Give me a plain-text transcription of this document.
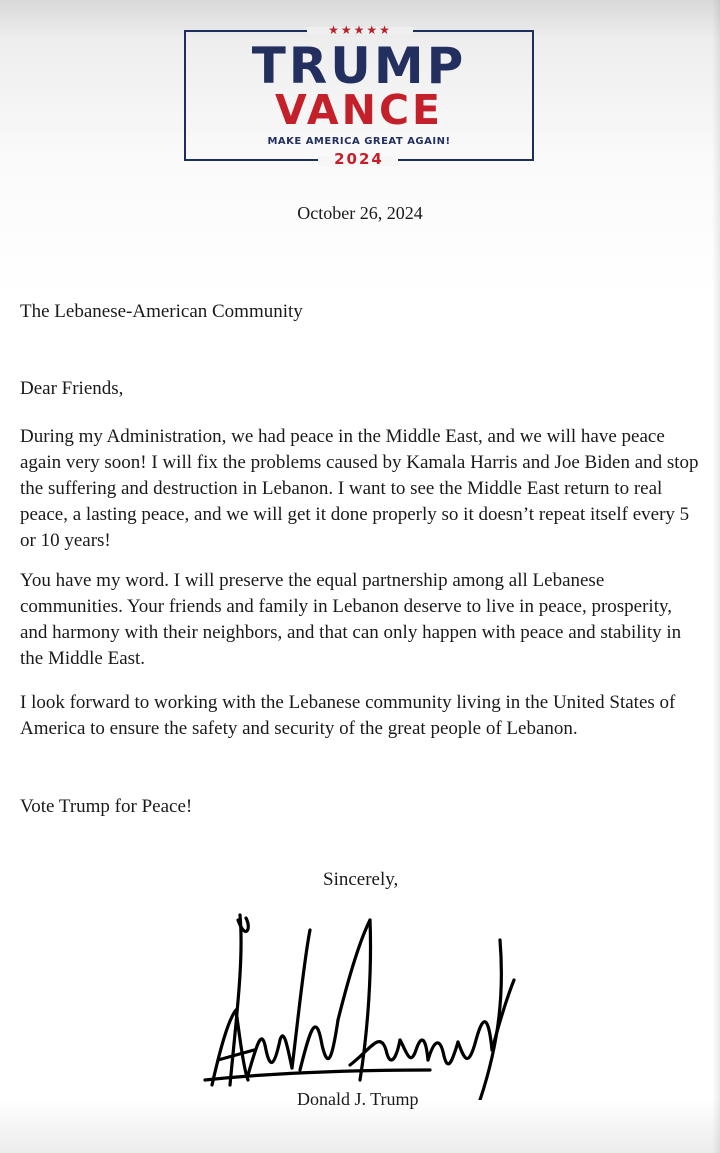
★★★★★
TRUMP
VANCE
MAKE AMERICA GREAT AGAIN!
2024
October 26, 2024

The Lebanese-American Community

Dear Friends,

During my Administration, we had peace in the Middle East, and we will have peace again very soon! I will fix the problems caused by Kamala Harris and Joe Biden and stop the suffering and destruction in Lebanon. I want to see the Middle East return to real peace, a lasting peace, and we will get it done properly so it doesn’t repeat itself every 5 or 10 years!

You have my word. I will preserve the equal partnership among all Lebanese communities. Your friends and family in Lebanon deserve to live in peace, prosperity, and harmony with their neighbors, and that can only happen with peace and stability in the Middle East.

I look forward to working with the Lebanese community living in the United States of America to ensure the safety and security of the great people of Lebanon.

Vote Trump for Peace!

Sincerely,
Donald J. Trump
